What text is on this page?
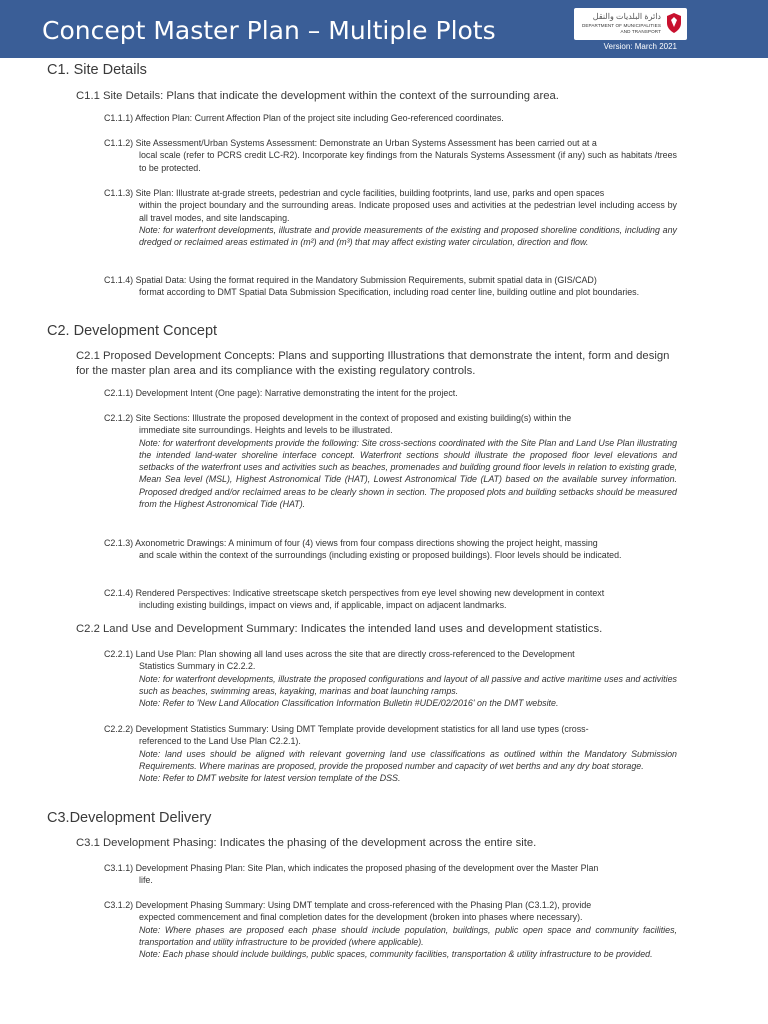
Concept Master Plan – Multiple Plots	دائرة البلديات والنقل
DEPARTMENT OF MUNICIPALITIES
AND TRANSPORT
Version: March 2021
C1. Site Details
C1.1 Site Details: Plans that indicate the development within the context of the surrounding area.
C1.1.1) Affection Plan: Current Affection Plan of the project site including Geo-referenced coordinates.
C1.1.2) Site Assessment/Urban Systems Assessment: Demonstrate an Urban Systems Assessment has been carried out at a
local scale (refer to PCRS credit LC-R2). Incorporate key findings from the Naturals Systems Assessment (if any) such as habitats /trees to be protected.
C1.1.3) Site Plan: Illustrate at-grade streets, pedestrian and cycle facilities, building footprints, land use, parks and open spaces
within the project boundary and the surrounding areas. Indicate proposed uses and activities at the pedestrian level including access by all travel modes, and site landscaping.
Note: for waterfront developments, illustrate and provide measurements of the existing and proposed shoreline conditions, including any dredged or reclaimed areas estimated in (m²) and (m³) that may affect existing water circulation, direction and flow.
C1.1.4) Spatial Data: Using the format required in the Mandatory Submission Requirements, submit spatial data in (GIS/CAD)
format according to DMT Spatial Data Submission Specification, including road center line, building outline and plot boundaries.
C2. Development Concept
C2.1 Proposed Development Concepts: Plans and supporting Illustrations that demonstrate the intent, form and design for the master plan area and its compliance with the existing regulatory controls.
C2.1.1) Development Intent (One page): Narrative demonstrating the intent for the project.
C2.1.2) Site Sections: Illustrate the proposed development in the context of proposed and existing building(s) within the
immediate site surroundings. Heights and levels to be illustrated.
Note: for waterfront developments provide the following: Site cross-sections coordinated with the Site Plan and Land Use Plan illustrating the intended land-water shoreline interface concept. Waterfront sections should illustrate the proposed floor level elevations and setbacks of the waterfront uses and activities such as beaches, promenades and building ground floor levels in relation to existing grade, Mean Sea level (MSL), Highest Astronomical Tide (HAT), Lowest Astronomical Tide (LAT) based on the available survey information. Proposed dredged and/or reclaimed areas to be clearly shown in section. The proposed plots and building setbacks should be measured from the Highest Astronomical Tide (HAT).
C2.1.3) Axonometric Drawings: A minimum of four (4) views from four compass directions showing the project height, massing
and scale within the context of the surroundings (including existing or proposed buildings). Floor levels should be indicated.
C2.1.4) Rendered Perspectives: Indicative streetscape sketch perspectives from eye level showing new development in context
including existing buildings, impact on views and, if applicable, impact on adjacent landmarks.
C2.2 Land Use and Development Summary: Indicates the intended land uses and development statistics.
C2.2.1) Land Use Plan: Plan showing all land uses across the site that are directly cross-referenced to the Development
Statistics Summary in C2.2.2.
Note: for waterfront developments, illustrate the proposed configurations and layout of all passive and active maritime uses and activities such as beaches, swimming areas, kayaking, marinas and boat launching ramps.
Note: Refer to 'New Land Allocation Classification Information Bulletin #UDE/02/2016' on the DMT website.
C2.2.2) Development Statistics Summary: Using DMT Template provide development statistics for all land use types (cross-
referenced to the Land Use Plan C2.2.1).
Note: land uses should be aligned with relevant governing land use classifications as outlined within the Mandatory Submission Requirements. Where marinas are proposed, provide the proposed number and capacity of wet berths and any dry boat storage.
Note: Refer to DMT website for latest version template of the DSS.
C3.Development Delivery
C3.1 Development Phasing: Indicates the phasing of the development across the entire site.
C3.1.1) Development Phasing Plan: Site Plan, which indicates the proposed phasing of the development over the Master Plan
life.
C3.1.2) Development Phasing Summary: Using DMT template and cross-referenced with the Phasing Plan (C3.1.2), provide
expected commencement and final completion dates for the development (broken into phases where necessary).
Note: Where phases are proposed each phase should include population, buildings, public open space and community facilities, transportation and utility infrastructure to be provided (where applicable).
Note: Each phase should include buildings, public spaces, community facilities, transportation & utility infrastructure to be provided.
